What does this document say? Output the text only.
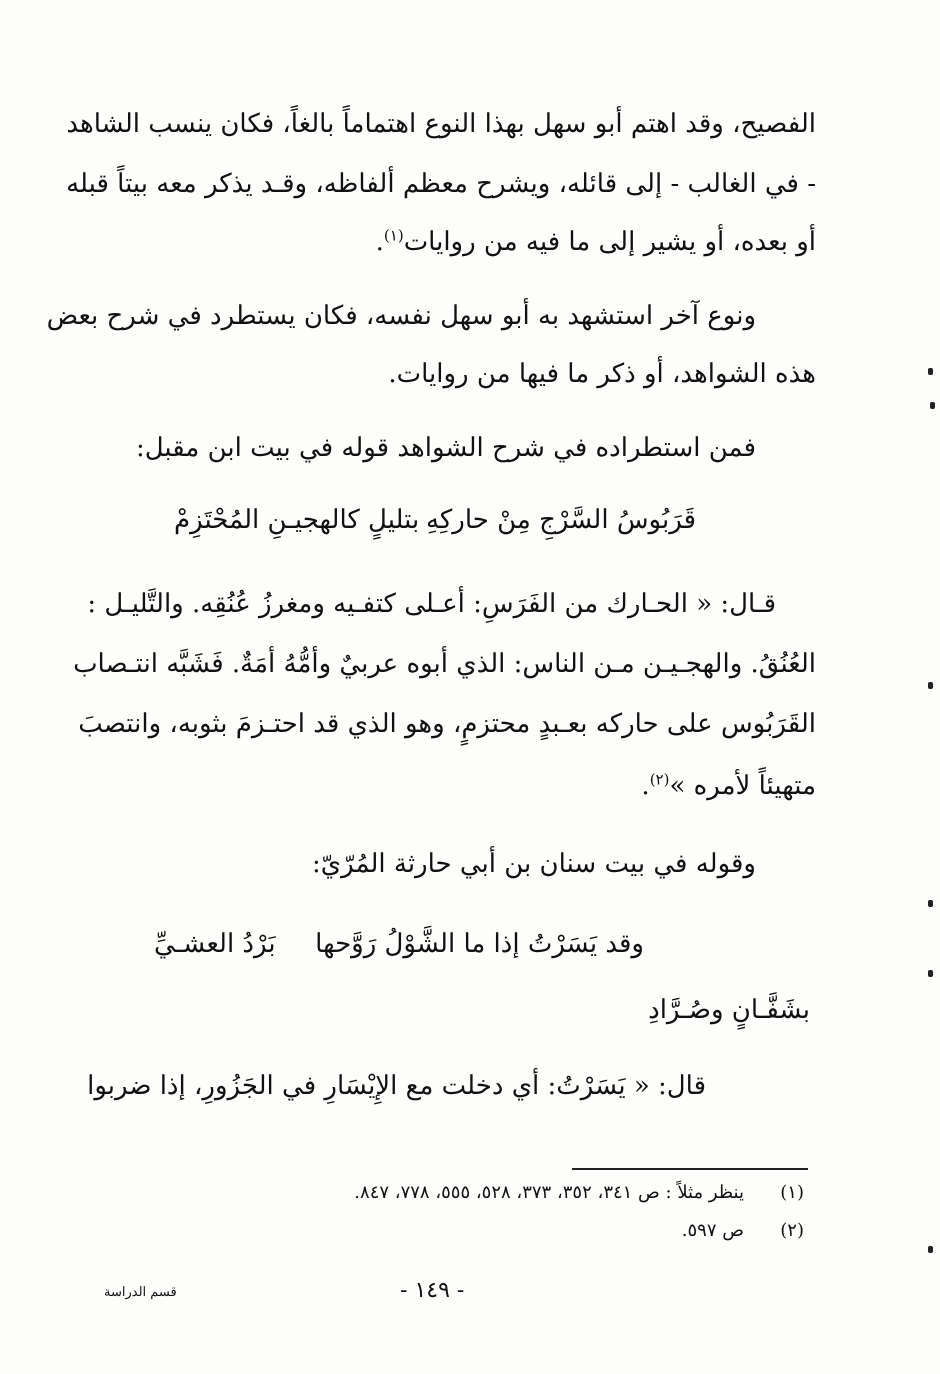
الفصيح، وقد اهتم أبو سهل بهذا النوع اهتماماً بالغاً، فكان ينسب الشاهد
- في الغالب - إلى قائله، ويشرح معظم ألفاظه، وقـد يذكر معه بيتاً قبله
أو بعده، أو يشير إلى ما فيه من روايات$^{(١)}$.
ونوع آخر استشهد به أبو سهل نفسه، فكان يستطرد في شرح بعض
هذه الشواهد، أو ذكر ما فيها من روايات.
فمن استطراده في شرح الشواهد قوله في بيت ابن مقبل:
قَرَبُوسُ السَّرْجِ مِنْ حاركِهِ
بتليلٍ كالهجيـنِ المُحْتَزِمْ
قـال: « الحـارك من الفَرَسِ: أعـلى كتفـيه ومغرزُ عُنُقِه. والتَّليـل :
العُنُقُ. والهجـيـن مـن الناس: الذي أبوه عربيٌ وأمُّهُ أمَةٌ. فَشَبَّه انتـصاب
القَرَبُوس على حاركه بعـبدٍ محتزمٍ، وهو الذي قد احتـزمَ بثوبه، وانتصبَ
متهيئاً لأمره »$^{(٢)}$.
وقوله في بيت سنان بن أبي حارثة المُرّيّ:
وقد يَسَرْتُ إذا ما الشَّوْلُ رَوَّحها
بَرْدُ العشـيِّ
بشَفَّـانٍ وصُـرَّادِ
قال: « يَسَرْتُ: أي دخلت مع الإِيْسَارِ في الجَزُورِ، إذا ضربوا
(١)ينظر مثلاً : ص ٣٤١، ٣٥٢، ٣٧٣، ٥٢٨، ٥٥٥، ٧٧٨، ٨٤٧.
(٢)ص ٥٩٧.
- ١٤٩ -
قسم الدراسة
